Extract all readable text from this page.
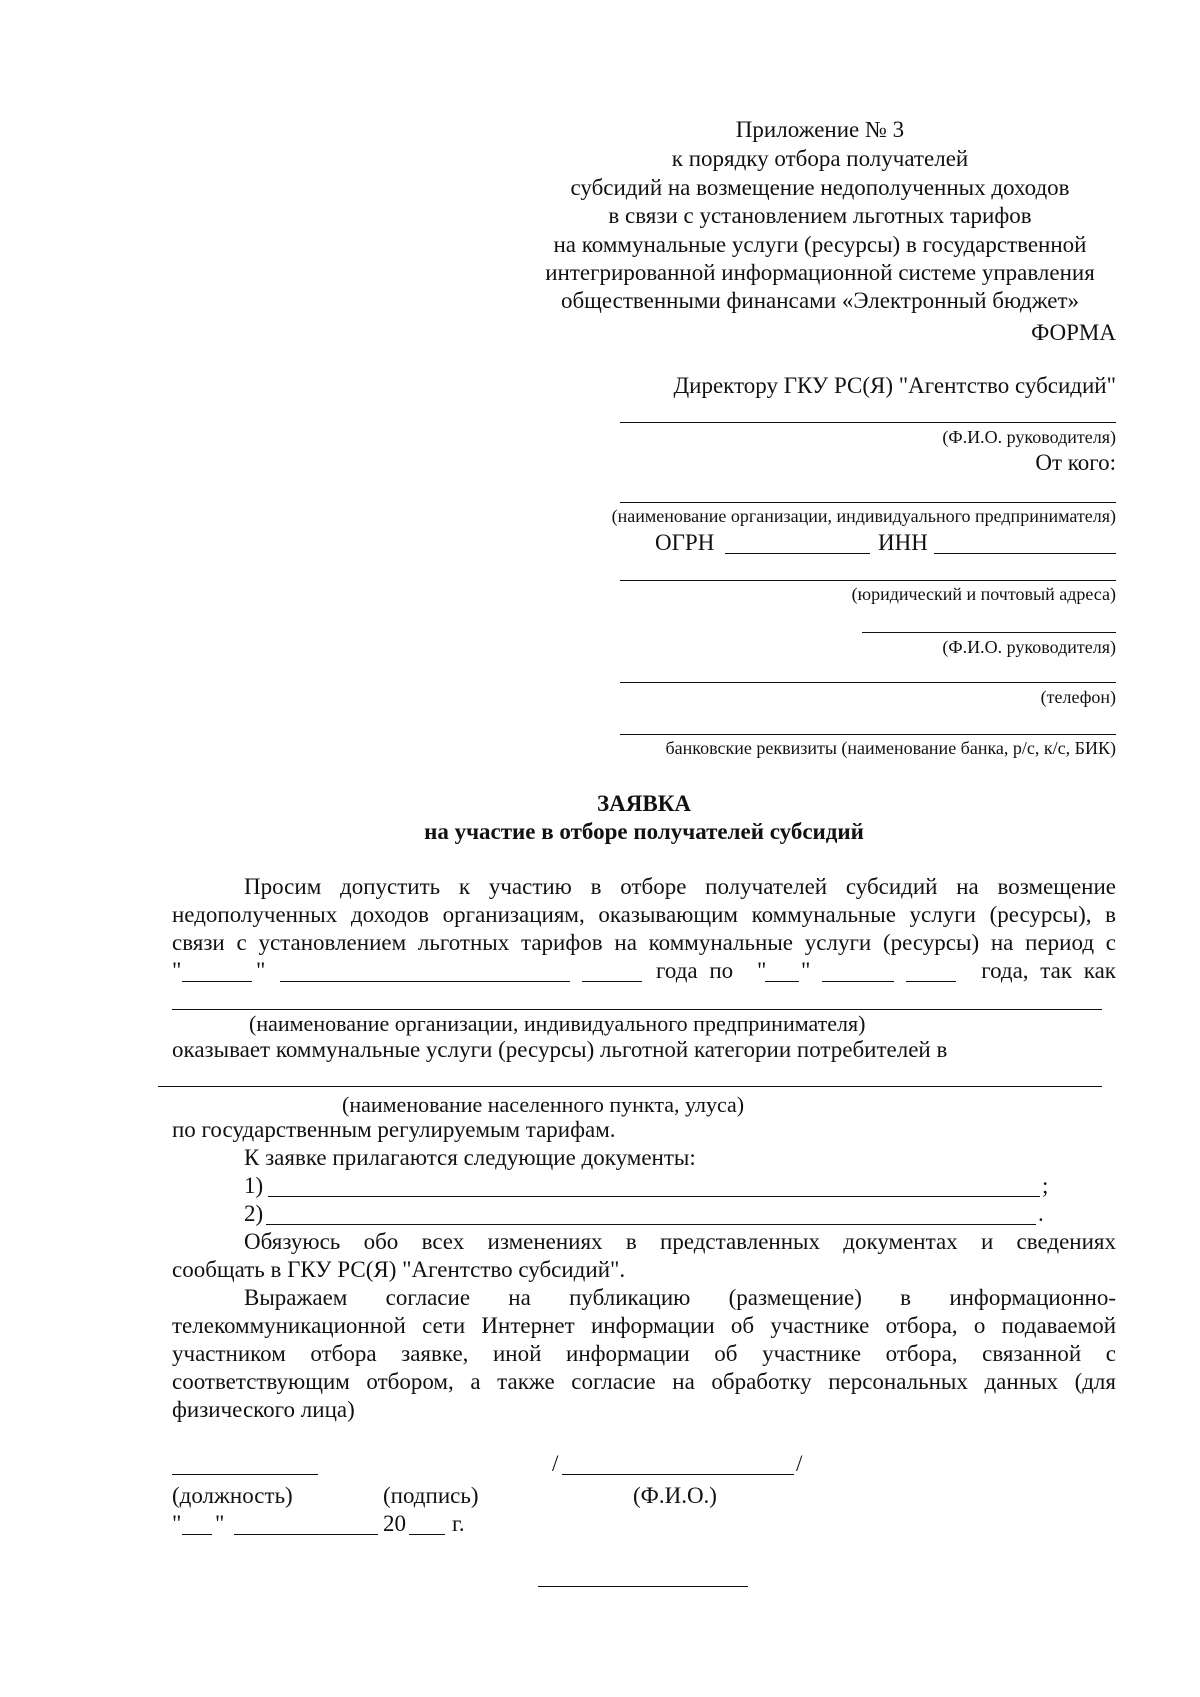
Приложение № 3
к порядку отбора получателей
субсидий на возмещение недополученных доходов
в связи с установлением льготных тарифов
на коммунальные услуги (ресурсы) в государственной
интегрированной информационной системе управления
общественными финансами «Электронный бюджет»
ФОРМА
Директору ГКУ РС(Я) "Агентство субсидий"
(Ф.И.О. руководителя)
От кого:
(наименование организации, индивидуального предпринимателя)
ОГРН	ИНН
(юридический и почтовый адреса)
(Ф.И.О. руководителя)
(телефон)
банковские реквизиты (наименование банка, р/с, к/с, БИК)
ЗАЯВКА
на участие в отборе получателей субсидий
Просим допустить к участию в отборе получателей субсидий на возмещение
недополученных доходов организациям, оказывающим коммунальные услуги (ресурсы), в
связи с установлением льготных тарифов на коммунальные услуги (ресурсы) на период с
"	"	года по " "	года, так как
(наименование организации, индивидуального предпринимателя)
оказывает коммунальные услуги (ресурсы) льготной категории потребителей в
(наименование населенного пункта, улуса)
по государственным регулируемым тарифам.
К заявке прилагаются следующие документы:
1)	;
2)	.
Обязуюсь обо всех изменениях в представленных документах и сведениях
сообщать в ГКУ РС(Я) "Агентство субсидий".
Выражаем согласие на публикацию (размещение) в информационно-
телекоммуникационной сети Интернет информации об участнике отбора, о подаваемой
участником отбора заявке, иной информации об участнике отбора, связанной с
соответствующим отбором, а также согласие на обработку персональных данных (для
физического лица)
/	/
(должность)	(подпись)	(Ф.И.О.)
" "	20 г.
